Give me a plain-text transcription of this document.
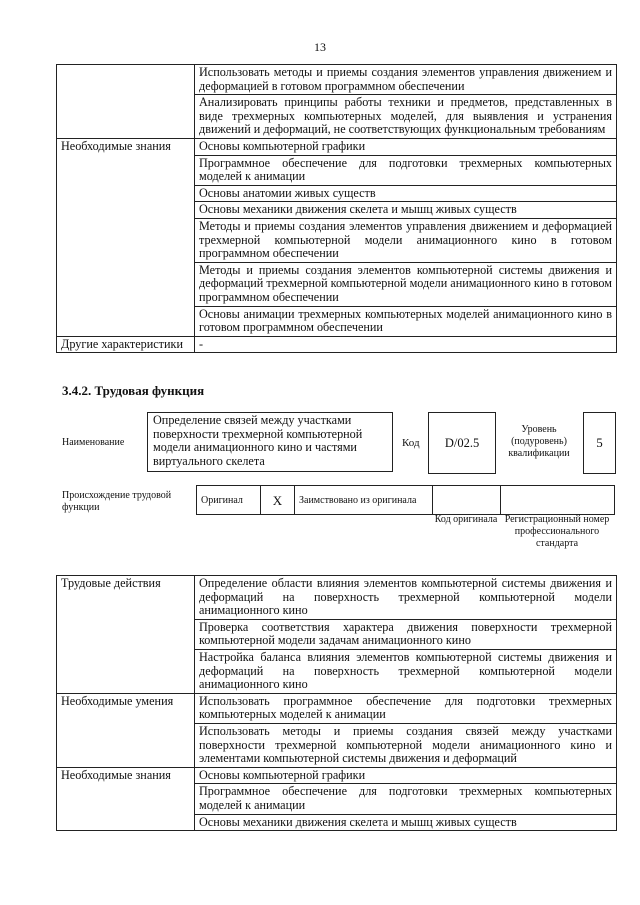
13
	Использовать методы и приемы создания элементов управления движением и деформацией в готовом программном обеспечении
	Анализировать принципы работы техники и предметов, представленных в виде трехмерных компьютерных моделей, для выявления и устранения движений и деформаций, не соответствующих функциональным требованиям
Необходимые знания	Основы компьютерной графики
	Программное обеспечение для подготовки трехмерных компьютерных моделей к анимации
	Основы анатомии живых существ
	Основы механики движения скелета и мышц живых существ
	Методы и приемы создания элементов управления движением и деформацией трехмерной компьютерной модели анимационного кино в готовом программном обеспечении
	Методы и приемы создания элементов компьютерной системы движения и деформаций трехмерной компьютерной модели анимационного кино в готовом программном обеспечении
	Основы анимации трехмерных компьютерных моделей анимационного кино в готовом программном обеспечении
Другие характеристики	-
3.4.2. Трудовая функция
Наименование
Определение связей между участками поверхности трехмерной компьютерной модели анимационного кино и частями виртуального скелета
Код	D/02.5
Уровень (подуровень) квалификации
5
Происхождение трудовой функции
Оригинал	X	Заимствовано из оригинала		
Код оригинала Регистрационный номер профессионального стандарта
Трудовые действия	Определение области влияния элементов компьютерной системы движения и деформаций на поверхность трехмерной компьютерной модели анимационного кино
	Проверка соответствия характера движения поверхности трехмерной компьютерной модели задачам анимационного кино
	Настройка баланса влияния элементов компьютерной системы движения и деформаций на поверхность трехмерной компьютерной модели анимационного кино
Необходимые умения	Использовать программное обеспечение для подготовки трехмерных компьютерных моделей к анимации
	Использовать методы и приемы создания связей между участками поверхности трехмерной компьютерной модели анимационного кино и элементами компьютерной системы движения и деформаций
Необходимые знания	Основы компьютерной графики
	Программное обеспечение для подготовки трехмерных компьютерных моделей к анимации
	Основы механики движения скелета и мышц живых существ
